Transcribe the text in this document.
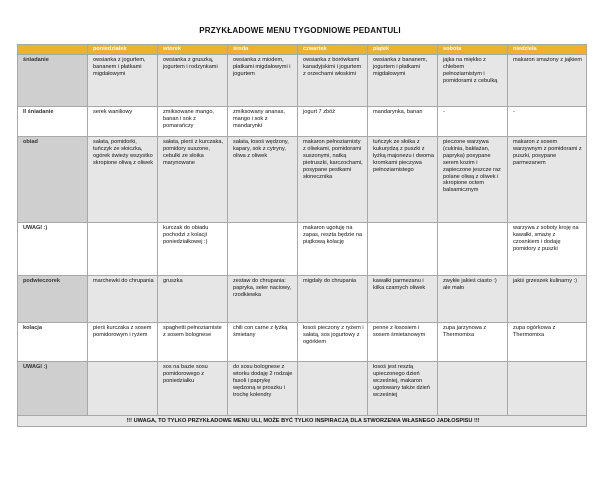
PRZYKŁADOWE MENU TYGODNIOWE PEDANTULI
	poniedziałek	wtorek	środa	czwartek	piątek	sobota	niedziela
śniadanie	owsianka z jogurtem, bananem i płatkami migdałowymi	owsianka z gruszką, jogurtem i rodzynkami	owsianka z miodem, płatkami migdałowymi i jogurtem	owsianka z borówkami kanadyjskimi i jogurtem z orzechami włoskimi	owsianka z bananem, jogurtem i płatkami migdałowymi	jajka na miękko z chlebem pełnoziarnistym i pomidorami z cebulką	makaron smażony z jajkiem
II śniadanie	serek waniliowy	zmiksowane mango, banan i sok z pomarańczy	zmiksowany ananas, mango i sok z mandarynki	jogurt 7 zbóż	mandarynka, banan	-	-
obiad	sałata, pomidorki, tuńczyk ze słoiczka, ogórek świeży wszystko skropione oliwą z oliwek	sałata, pierś z kurczaka, pomidory suszone, cebulki ze słoika marynowane	sałata, łosoś wędzony, kapary, sok z cytryny, oliwa z oliwek	makaron pełnoziarnisty z oliwkami, pomidorami suszonymi, natką pietruszki, karczochami, posypane pestkami słonecznika	tuńczyk ze słoika z kukurydzą z puszki z łyżką majonezu i dwoma kromkami pieczywa pełnoziarnistego	pieczone warzywa (cukinia, bakłażan, papryka) posypane serem kozim i zapieczone jeszcze raz polane oliwą z oliwek i skropione octem balsamicznym	makaron z sosem warzywnym z pomidorami z puszki, posypane parmezanem
UWAGI :)		kurczak do obiadu pochodzi z kolacji poniedziałkowej :)		makaron ugotuję na zapas, reszta będzie na piątkową kolację			warzywa z soboty kroję na kawałki, smażę z czosnkiem i dodaję pomidory z puszki
podwieczorek	marchewki do chrupania	gruszka	zestaw do chrupania: papryka, seler naciowy, rzodkiewka	migdały do chrupania	kawałki parmezanu i kilka czarnych oliwek	zwykłe jakieś ciasto :) ale mało	jakiś grzeszek kulinarny :)
kolacja	pierś kurczaka z sosem pomidorowym i ryżem	spaghetti pełnoziarniste z sosem bolognese	chili con carne z łyżką śmietany	łosoś pieczony z ryżem i sałatą, sos jogurtowy z ogórkiem	penne z łososiem i sosem śmietanowym	zupa jarzynowa z Thermomixa	zupa ogórkowa z Thermomixa
UWAGI :)		sos na bazie sosu pomidorowego z poniedziałku	do sosu bolognese z wtorku dodaję 2 rodzaje fasoli i paprykę wędzoną w proszku i trochę kolendry		łosoś jest resztą upieczonego dzień wcześniej, makaron ugotowany także dzień wcześniej		
!!! UWAGA, TO TYLKO PRZYKŁADOWE MENU ULI, MOŻE BYĆ TYLKO INSPIRACJĄ DLA STWORZENIA WŁASNEGO JADŁOSPISU !!!							
